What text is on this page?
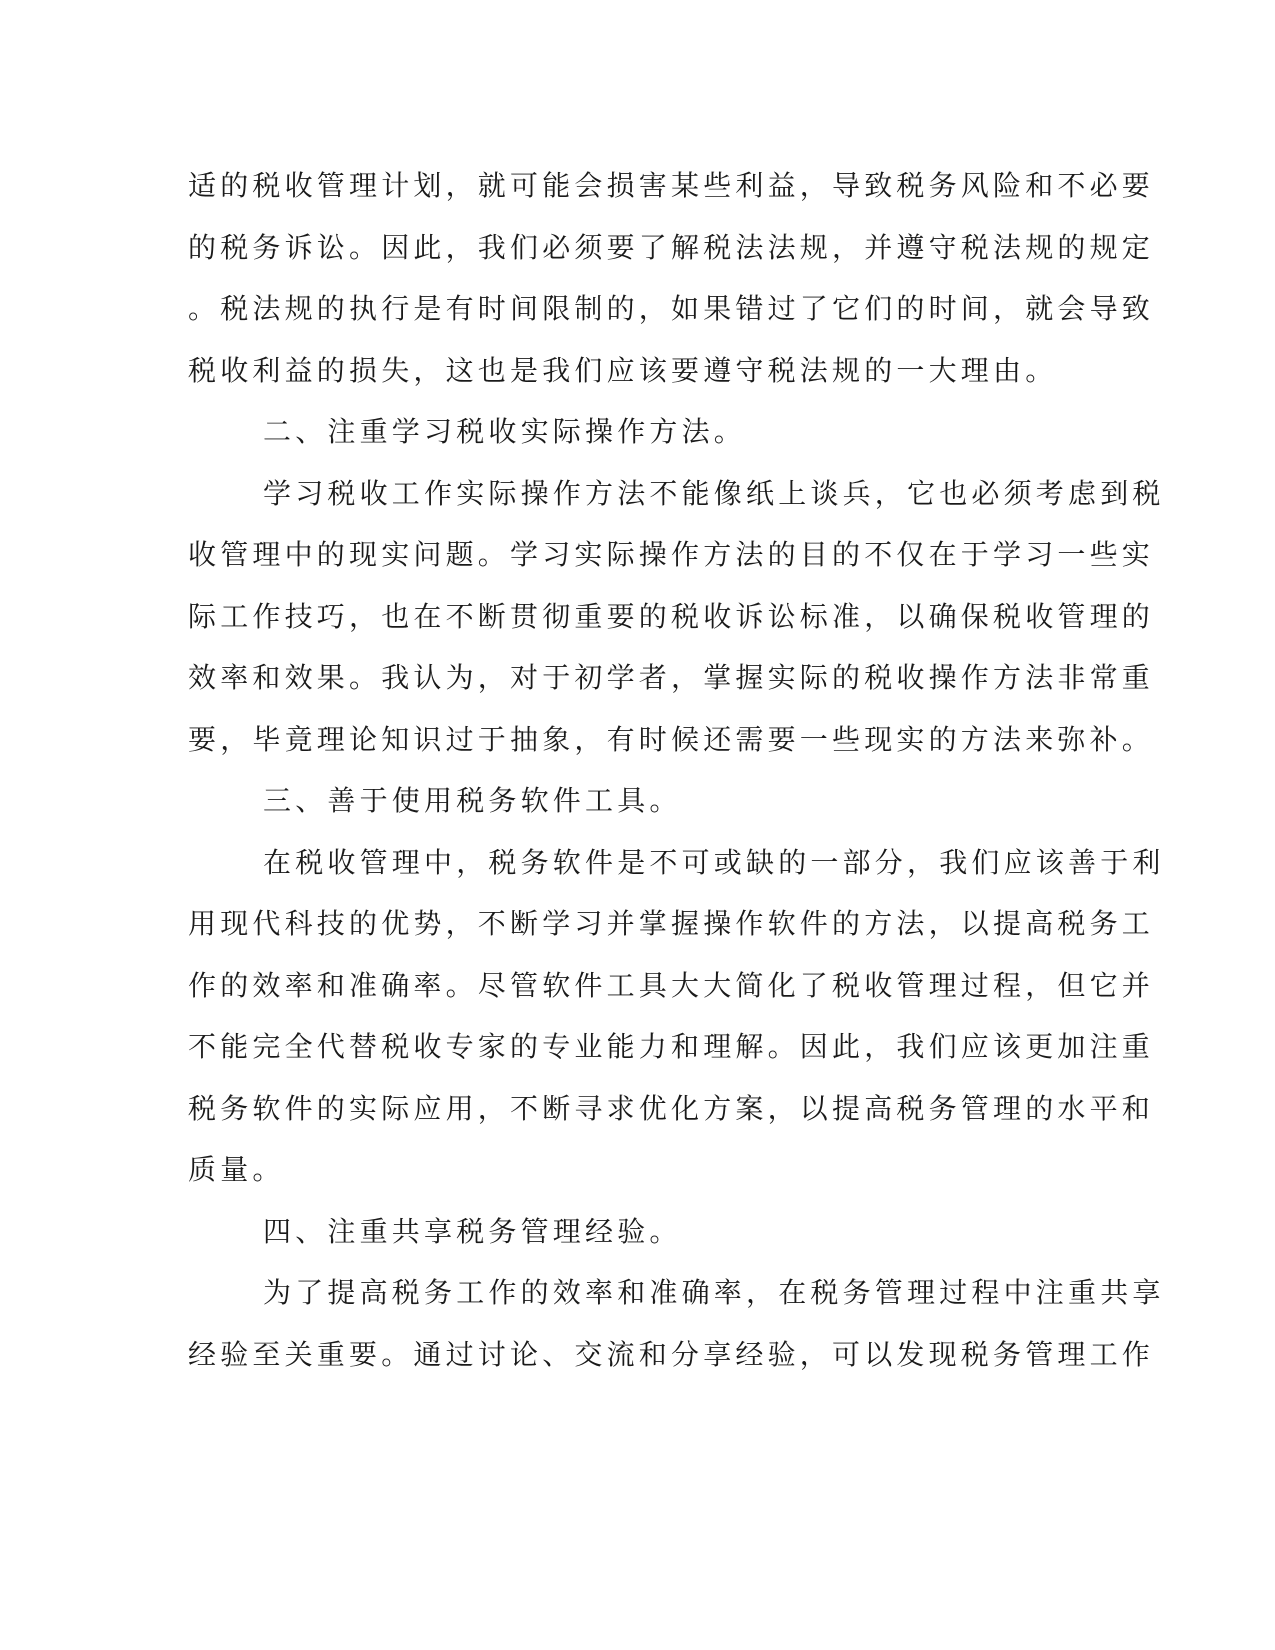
适的税收管理计划，就可能会损害某些利益，导致税务风险和不必要
的税务诉讼。因此，我们必须要了解税法法规，并遵守税法规的规定
。税法规的执行是有时间限制的，如果错过了它们的时间，就会导致
税收利益的损失，这也是我们应该要遵守税法规的一大理由。
二、注重学习税收实际操作方法。
学习税收工作实际操作方法不能像纸上谈兵，它也必须考虑到税
收管理中的现实问题。学习实际操作方法的目的不仅在于学习一些实
际工作技巧，也在不断贯彻重要的税收诉讼标准，以确保税收管理的
效率和效果。我认为，对于初学者，掌握实际的税收操作方法非常重
要，毕竟理论知识过于抽象，有时候还需要一些现实的方法来弥补。
三、善于使用税务软件工具。
在税收管理中，税务软件是不可或缺的一部分，我们应该善于利
用现代科技的优势，不断学习并掌握操作软件的方法，以提高税务工
作的效率和准确率。尽管软件工具大大简化了税收管理过程，但它并
不能完全代替税收专家的专业能力和理解。因此，我们应该更加注重
税务软件的实际应用，不断寻求优化方案，以提高税务管理的水平和
质量。
四、注重共享税务管理经验。
为了提高税务工作的效率和准确率，在税务管理过程中注重共享
经验至关重要。通过讨论、交流和分享经验，可以发现税务管理工作
